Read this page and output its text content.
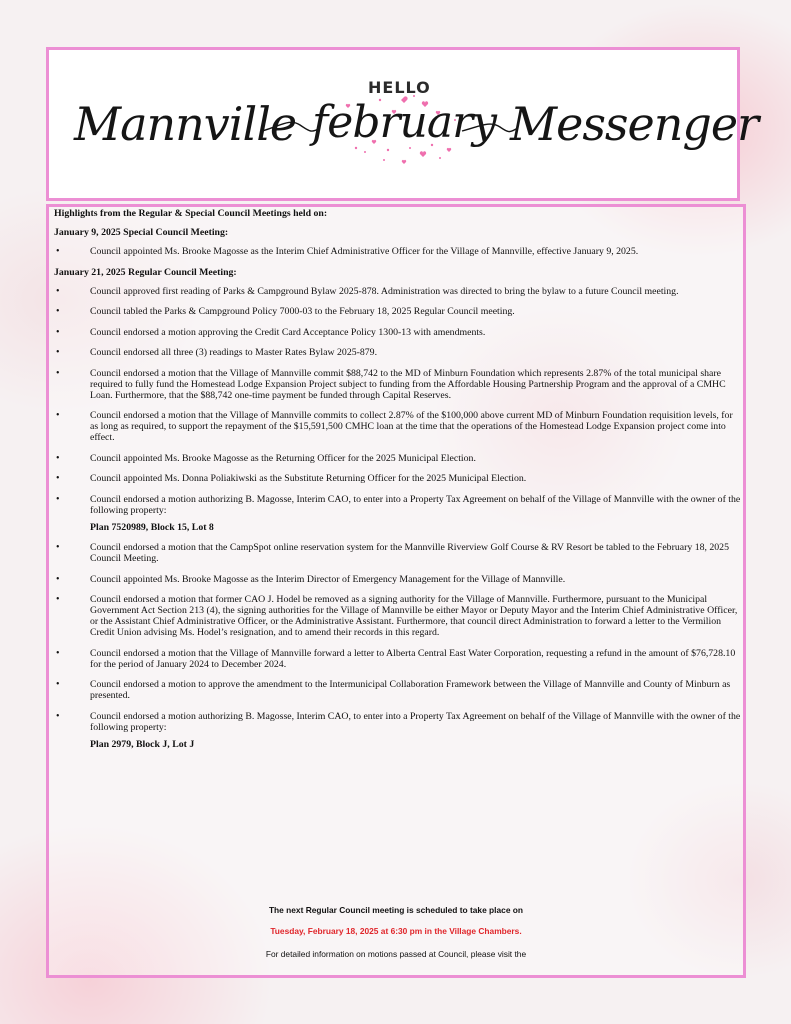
HELLO
Mannville february Messenger
Highlights from the Regular & Special Council Meetings held on:
January 9, 2025 Special Council Meeting:
•	Council appointed Ms. Brooke Magosse as the Interim Chief Administrative Officer for the Village of Mannville, effective January 9, 2025.
January 21, 2025 Regular Council Meeting:
•	Council approved first reading of Parks & Campground Bylaw 2025-878. Administration was directed to bring the bylaw to a future Council meeting.
•	Council tabled the Parks & Campground Policy 7000-03 to the February 18, 2025 Regular Council meeting.
•	Council endorsed a motion approving the Credit Card Acceptance Policy 1300-13 with amendments.
•	Council endorsed all three (3) readings to Master Rates Bylaw 2025-879.
•	Council endorsed a motion that the Village of Mannville commit $88,742 to the MD of Minburn Foundation which represents 2.87% of the total municipal share required to fully fund the Homestead Lodge Expansion Project subject to funding from the Affordable Housing Partnership Program and the approval of a CMHC Loan. Furthermore, that the $88,742 one-time payment be funded through Capital Reserves.
•	Council endorsed a motion that the Village of Mannville commits to collect 2.87% of the $100,000 above current MD of Minburn Foundation requisition levels, for as long as required, to support the repayment of the $15,591,500 CMHC loan at the time that the operations of the Homestead Lodge Expansion project come into effect.
•	Council appointed Ms. Brooke Magosse as the Returning Officer for the 2025 Municipal Election.
•	Council appointed Ms. Donna Poliakiwski as the Substitute Returning Officer for the 2025 Municipal Election.
•	Council endorsed a motion authorizing B. Magosse, Interim CAO, to enter into a Property Tax Agreement on behalf of the Village of Mannville with the owner of the following property:
Plan 7520989, Block 15, Lot 8
•	Council endorsed a motion that the CampSpot online reservation system for the Mannville Riverview Golf Course & RV Resort be tabled to the February 18, 2025 Council Meeting.
•	Council appointed Ms. Brooke Magosse as the Interim Director of Emergency Management for the Village of Mannville.
•	Council endorsed a motion that former CAO J. Hodel be removed as a signing authority for the Village of Mannville. Furthermore, pursuant to the Municipal Government Act Section 213 (4), the signing authorities for the Village of Mannville be either Mayor or Deputy Mayor and the Interim Chief Administrative Officer, or the Assistant Chief Administrative Officer, or the Administrative Assistant. Furthermore, that council direct Administration to forward a letter to the Vermilion Credit Union advising Ms. Hodel’s resignation, and to amend their records in this regard.
•	Council endorsed a motion that the Village of Mannville forward a letter to Alberta Central East Water Corporation, requesting a refund in the amount of $76,728.10 for the period of January 2024 to December 2024.
•	Council endorsed a motion to approve the amendment to the Intermunicipal Collaboration Framework between the Village of Mannville and County of Minburn as presented.
•	Council endorsed a motion authorizing B. Magosse, Interim CAO, to enter into a Property Tax Agreement on behalf of the Village of Mannville with the owner of the following property:
Plan 2979, Block J, Lot J
The next Regular Council meeting is scheduled to take place on
Tuesday, February 18, 2025 at 6:30 pm in the Village Chambers.
For detailed information on motions passed at Council, please visit the
